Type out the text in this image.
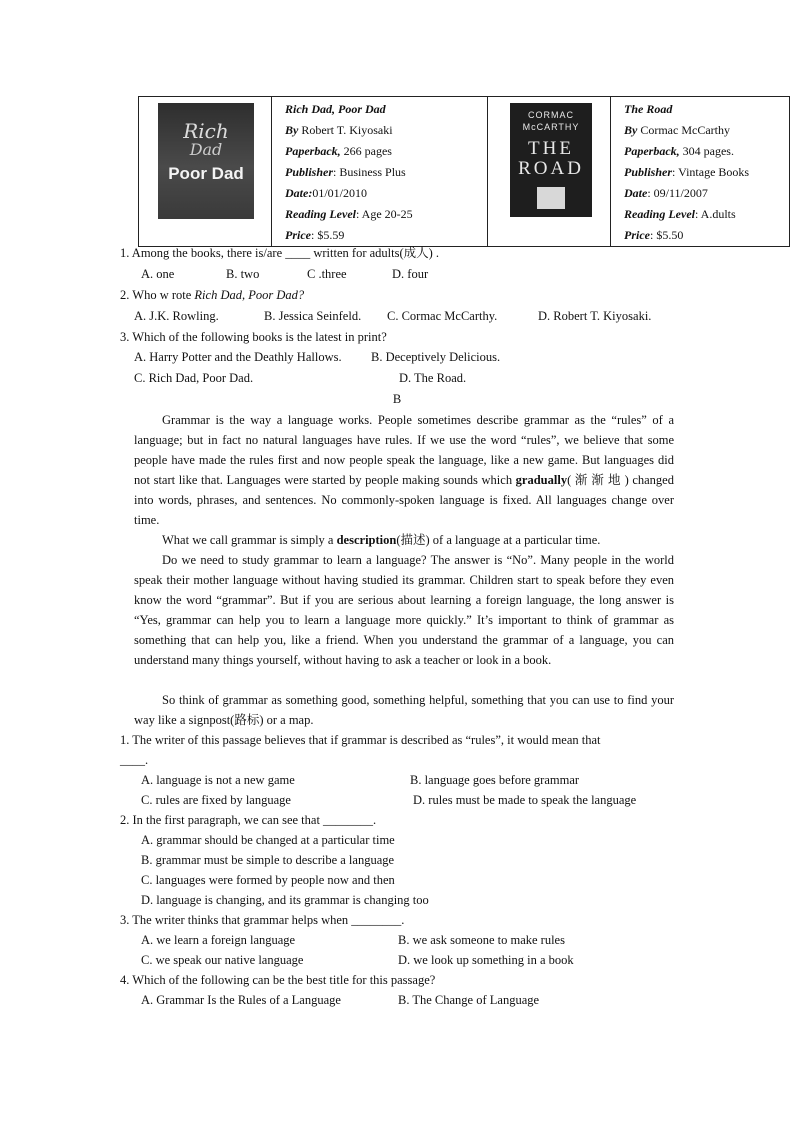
Rich
Dad
Poor Dad

Rich Dad, Poor Dad
By Robert T. Kiyosaki
Paperback, 266 pages
Publisher: Business Plus
Date:01/01/2010
Reading Level: Age 20-25
Price: $5.59

CORMAC McCARTHY
THE
ROAD

The Road
By Cormac McCarthy
Paperback, 304 pages.
Publisher: Vintage Books
Date: 09/11/2007
Reading Level: A.dults
Price: $5.50
1. Among the books, there is/are ____ written for adults(成人) .
A. one	B. two	C .three	D. four
2. Who w rote Rich Dad, Poor Dad?
A. J.K. Rowling.	B. Jessica Seinfeld. C. Cormac McCarthy.	D. Robert T. Kiyosaki.
3. Which of the following books is the latest in print?
A. Harry Potter and the Deathly Hallows. B. Deceptively Delicious.
C. Rich Dad, Poor Dad.	D. The Road.
B
Grammar is the way a language works. People sometimes describe grammar as the “rules” of a language; but in fact no natural languages have rules. If we use the word “rules”, we believe that some people have made the rules first and now people speak the language, like a new game. But languages did not start like that. Languages were started by people making sounds which gradually( 渐 渐 地 ) changed into words, phrases, and sentences. No commonly-spoken language is fixed. All languages change over time.
What we call grammar is simply a description(描述) of a language at a particular time.
Do we need to study grammar to learn a language? The answer is “No”. Many people in the world speak their mother language without having studied its grammar. Children start to speak before they even know the word “grammar”. But if you are serious about learning a foreign language, the long answer is “Yes, grammar can help you to learn a language more quickly.” It’s important to think of grammar as something that can help you, like a friend. When you understand the grammar of a language, you can understand many things yourself, without having to ask a teacher or look in a book.
So think of grammar as something good, something helpful, something that you can use to find your way like a signpost(路标) or a map.
1. The writer of this passage believes that if grammar is described as “rules”, it would mean that
____.
A. language is not a new game	B. language goes before grammar
C. rules are fixed by language	D. rules must be made to speak the language
2. In the first paragraph, we can see that ________.
A. grammar should be changed at a particular time
B. grammar must be simple to describe a language
C. languages were formed by people now and then
D. language is changing, and its grammar is changing too
3. The writer thinks that grammar helps when ________.
A. we learn a foreign language	B. we ask someone to make rules
C. we speak our native language	D. we look up something in a book
4. Which of the following can be the best title for this passage?
A. Grammar Is the Rules of a Language	B. The Change of Language
